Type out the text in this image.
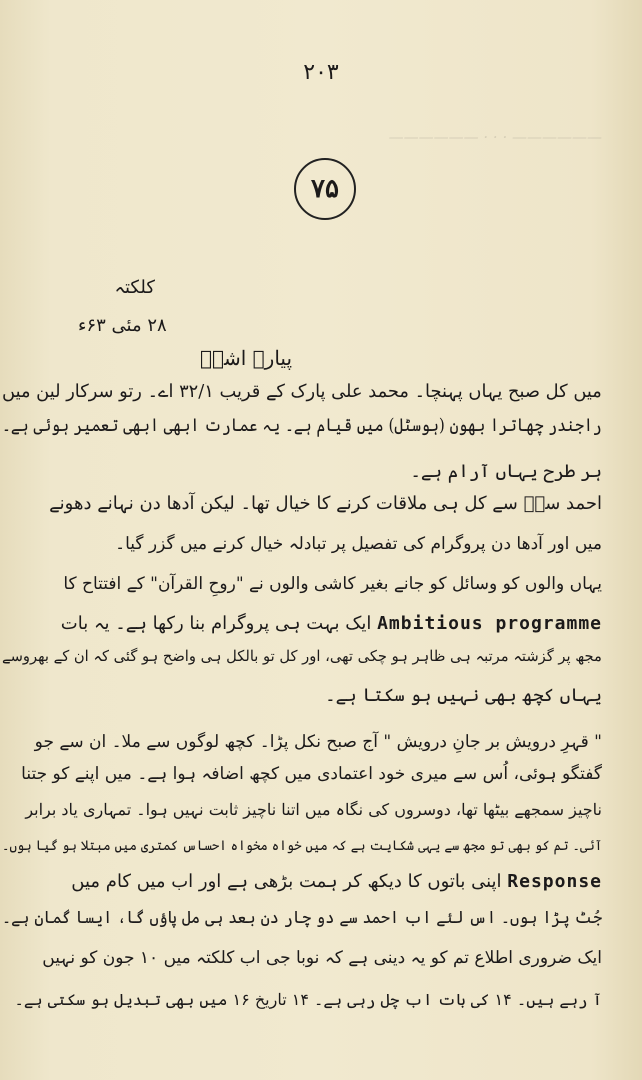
—————— · · · ——————
۲۰۳
۷۵
کلکتہ
۲۸ مئی ۶۳ء
پیارے اشرؔ
میں کل صبح یہاں پہنچا۔ محمد علی پارک کے قریب ۳۲/۱ اے۔ رتو سرکار لین میں
راجندر چھاترا بھون (ہوسٹل) میں قیام ہے۔ یہ عمارت ابھی ابھی تعمیر ہوئی ہے۔
ہر طرح یہاں آرام ہے۔
احمد سرؔ سے کل ہی ملاقات کرنے کا خیال تھا۔ لیکن آدھا دن نہانے دھونے
میں اور آدھا دن پروگرام کی تفصیل پر تبادلہ خیال کرنے میں گزر گیا۔
یہاں والوں کو وسائل کو جانے بغیر کاشی والوں نے "روحِ القرآن" کے افتتاح کا
Ambitious programme ایک بہت ہی پروگرام بنا رکھا ہے۔ یہ بات
مجھ پر گزشتہ مرتبہ ہی ظاہر ہو چکی تھی، اور کل تو بالکل ہی واضح ہو گئی کہ ان کے بھروسے
یہاں کچھ بھی نہیں ہو سکتا ہے۔
" قہرِ درویش بر جانِ درویش " آج صبح نکل پڑا۔ کچھ لوگوں سے ملا۔ ان سے جو
گفتگو ہوئی، اُس سے میری خود اعتمادی میں کچھ اضافہ ہوا ہے۔ میں اپنے کو جتنا
ناچیز سمجھے بیٹھا تھا، دوسروں کی نگاہ میں اتنا ناچیز ثابت نہیں ہوا۔ تمہاری یاد برابر
آئی۔ تم کو بھی تو مجھ سے یہی شکایت ہے کہ میں خواہ مخواہ احساس کمتری میں مبتلا ہو گیا ہوں۔
Response اپنی باتوں کا دیکھ کر ہمت بڑھی ہے اور اب میں کام میں
جُٹ پڑا ہوں۔ اس لئے اب احمد سے دو چار دن بعد ہی مل پاؤں گا، ایسا گمان ہے۔
ایک ضروری اطلاع تم کو یہ دینی ہے کہ نوبا جی اب کلکتہ میں ۱۰ جون کو نہیں
آ رہے ہیں۔ ۱۴ کی بات اب چل رہی ہے۔ ۱۴ تاریخ ۱۶ میں بھی تبدیل ہو سکتی ہے۔
